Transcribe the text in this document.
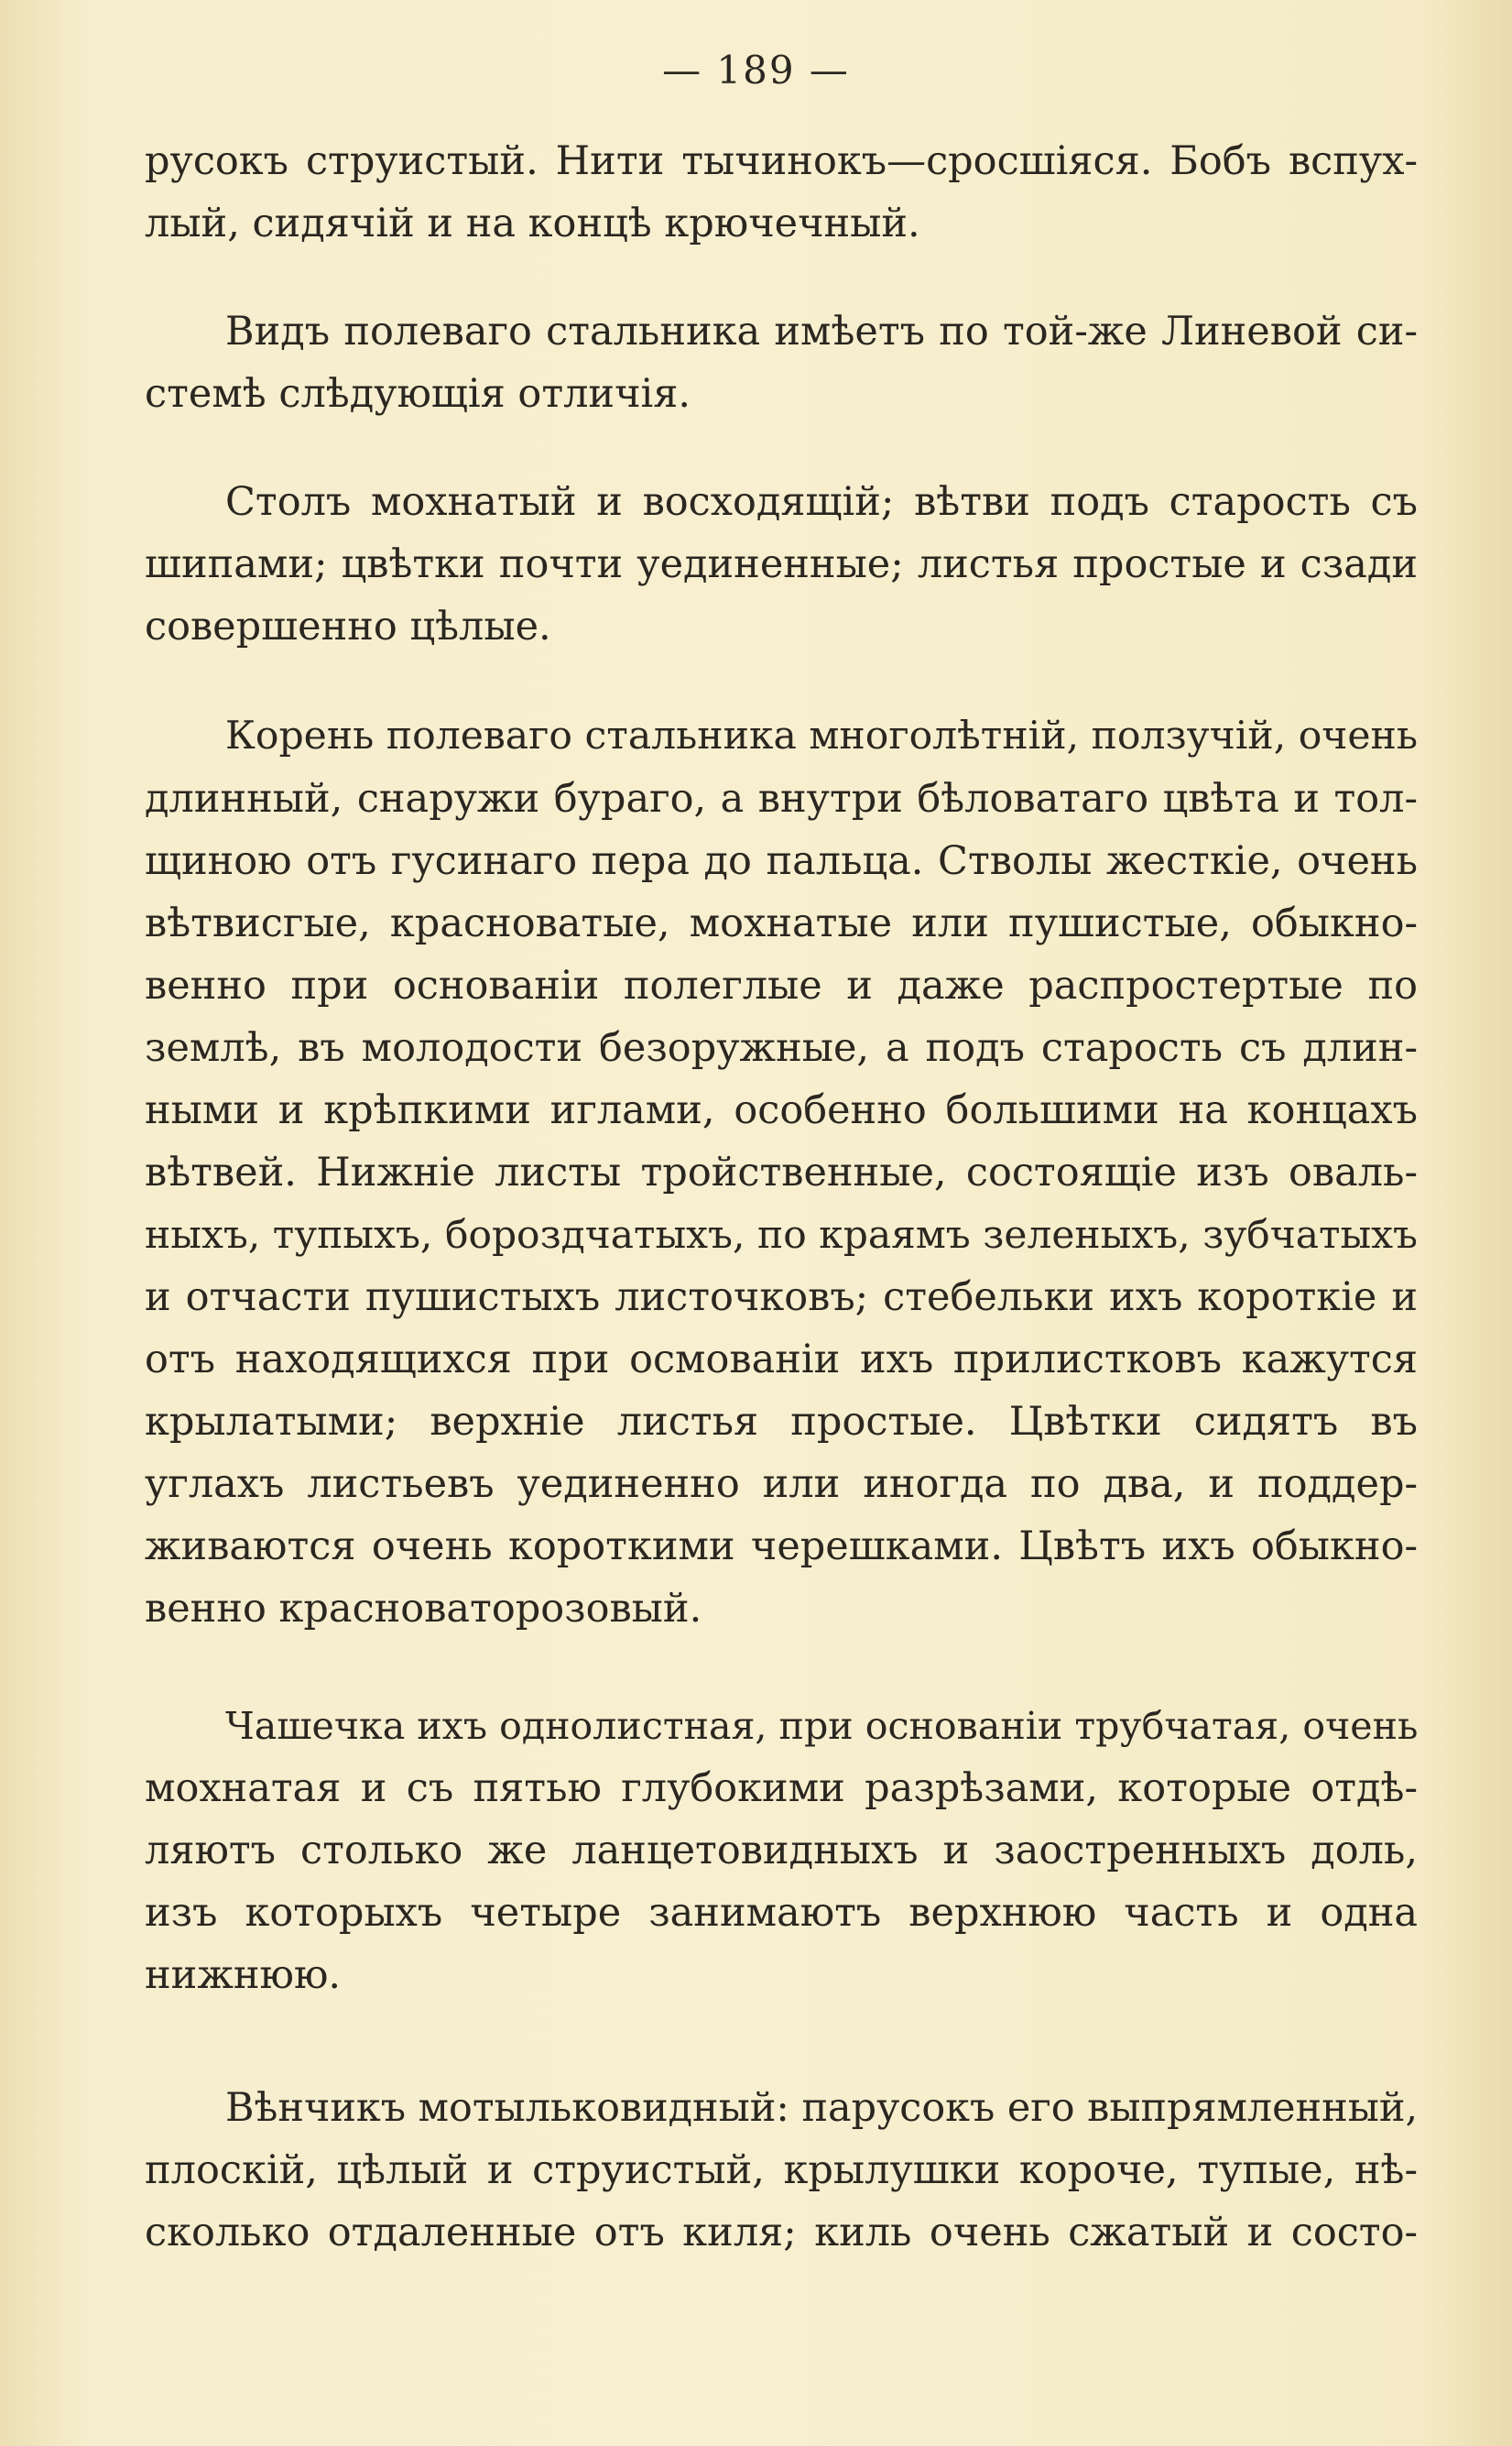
— 189 —
русокъ струистый. Нити тычинокъ—сросшіяся. Бобъ вспух-
лый, сидячій и на концѣ крючечный.
Видъ полеваго стальника имѣетъ по той-же Линевой си-
стемѣ слѣдующія отличія.
Столъ мохнатый и восходящій; вѣтви подъ старость съ
шипами; цвѣтки почти уединенные; листья простые и сзади
совершенно цѣлые.
Корень полеваго стальника многолѣтній, ползучій, очень
длинный, снаружи бураго, а внутри бѣловатаго цвѣта и тол-
щиною отъ гусинаго пера до пальца. Стволы жесткіе, очень
вѣтвисгые, красноватые, мохнатые или пушистые, обыкно-
венно при основаніи полеглые и даже распростертые по
землѣ, въ молодости безоружные, а подъ старость съ длин-
ными и крѣпкими иглами, особенно большими на концахъ
вѣтвей. Нижніе листы тройственные, состоящіе изъ оваль-
ныхъ, тупыхъ, бороздчатыхъ, по краямъ зеленыхъ, зубчатыхъ
и отчасти пушистыхъ листочковъ; стебельки ихъ короткіе и
отъ находящихся при осмованіи ихъ прилистковъ кажутся
крылатыми; верхніе листья простые. Цвѣтки сидятъ въ
углахъ листьевъ уединенно или иногда по два, и поддер-
живаются очень короткими черешками. Цвѣтъ ихъ обыкно-
венно красноваторозовый.
Чашечка ихъ однолистная, при основаніи трубчатая, очень
мохнатая и съ пятью глубокими разрѣзами, которые отдѣ-
ляютъ столько же ланцетовидныхъ и заостренныхъ доль,
изъ которыхъ четыре занимаютъ верхнюю часть и одна
нижнюю.
Вѣнчикъ мотыльковидный: парусокъ его выпрямленный,
плоскій, цѣлый и струистый, крылушки короче, тупые, нѣ-
сколько отдаленные отъ киля; киль очень сжатый и состо-
